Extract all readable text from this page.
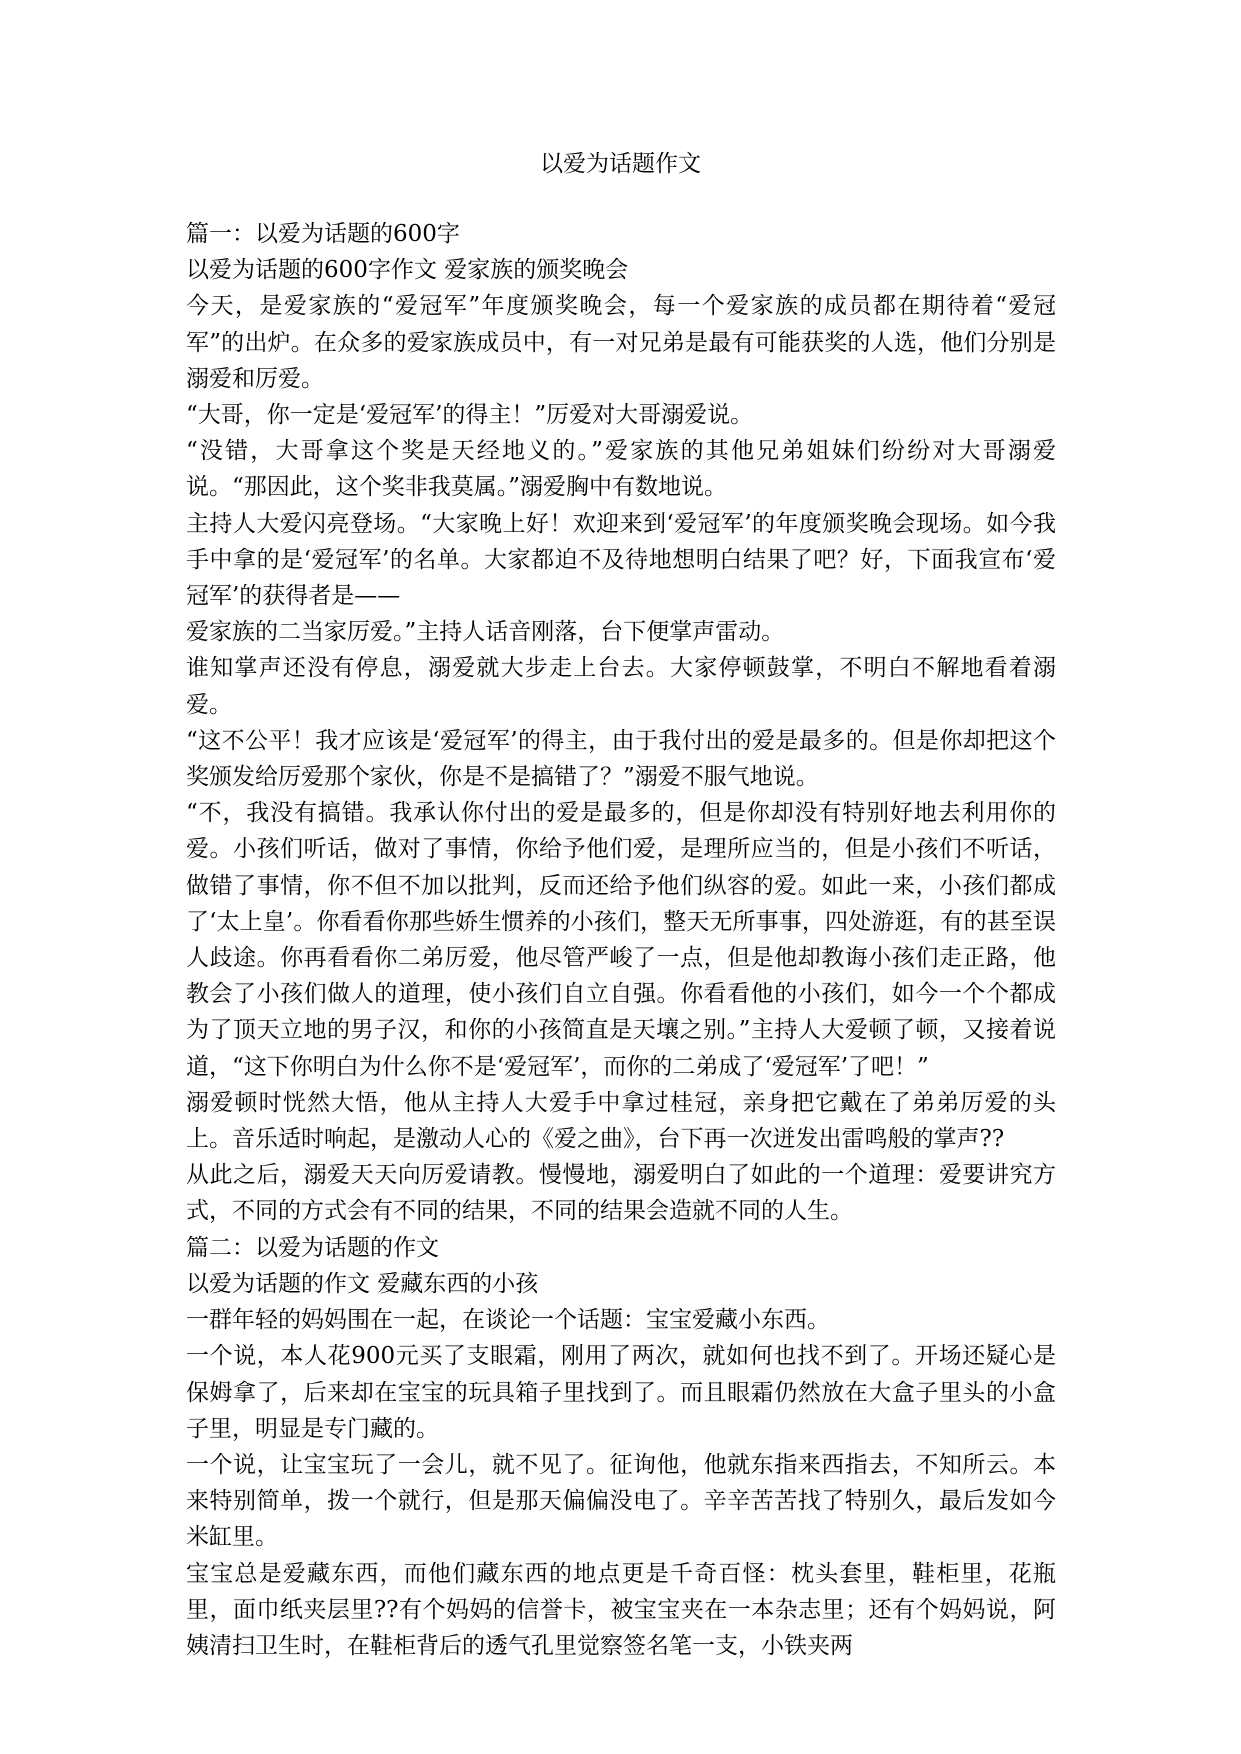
以爱为话题作文

篇一：以爱为话题的600字

以爱为话题的600字作文 爱家族的颁奖晚会

今天，是爱家族的“爱冠军”年度颁奖晚会，每一个爱家族的成员都在期待着“爱冠军”的出炉。在众多的爱家族成员中，有一对兄弟是最有可能获奖的人选，他们分别是溺爱和厉爱。

“大哥，你一定是‘爱冠军’的得主！”厉爱对大哥溺爱说。

“没错，大哥拿这个奖是天经地义的。”爱家族的其他兄弟姐妹们纷纷对大哥溺爱说。“那因此，这个奖非我莫属。”溺爱胸中有数地说。

主持人大爱闪亮登场。“大家晚上好！欢迎来到‘爱冠军’的年度颁奖晚会现场。如今我手中拿的是‘爱冠军’的名单。大家都迫不及待地想明白结果了吧？好，下面我宣布‘爱冠军’的获得者是——

爱家族的二当家厉爱。”主持人话音刚落，台下便掌声雷动。

谁知掌声还没有停息，溺爱就大步走上台去。大家停顿鼓掌，不明白不解地看着溺爱。

“这不公平！我才应该是‘爱冠军’的得主，由于我付出的爱是最多的。但是你却把这个奖颁发给厉爱那个家伙，你是不是搞错了？”溺爱不服气地说。

“不，我没有搞错。我承认你付出的爱是最多的，但是你却没有特别好地去利用你的爱。小孩们听话，做对了事情，你给予他们爱，是理所应当的，但是小孩们不听话，做错了事情，你不但不加以批判，反而还给予他们纵容的爱。如此一来，小孩们都成了‘太上皇’。你看看你那些娇生惯养的小孩们，整天无所事事，四处游逛，有的甚至误人歧途。你再看看你二弟厉爱，他尽管严峻了一点，但是他却教诲小孩们走正路，他教会了小孩们做人的道理，使小孩们自立自强。你看看他的小孩们，如今一个个都成为了顶天立地的男子汉，和你的小孩简直是天壤之别。”主持人大爱顿了顿，又接着说道，“这下你明白为什么你不是‘爱冠军’，而你的二弟成了‘爱冠军’了吧！”

溺爱顿时恍然大悟，他从主持人大爱手中拿过桂冠，亲身把它戴在了弟弟厉爱的头上。音乐适时响起，是激动人心的《爱之曲》，台下再一次迸发出雷鸣般的掌声??

从此之后，溺爱天天向厉爱请教。慢慢地，溺爱明白了如此的一个道理：爱要讲究方式，不同的方式会有不同的结果，不同的结果会造就不同的人生。

篇二：以爱为话题的作文

以爱为话题的作文 爱藏东西的小孩

一群年轻的妈妈围在一起，在谈论一个话题：宝宝爱藏小东西。

一个说，本人花900元买了支眼霜，刚用了两次，就如何也找不到了。开场还疑心是保姆拿了，后来却在宝宝的玩具箱子里找到了。而且眼霜仍然放在大盒子里头的小盒子里，明显是专门藏的。

一个说，让宝宝玩了一会儿，就不见了。征询他，他就东指来西指去，不知所云。本来特别简单，拨一个就行，但是那天偏偏没电了。辛辛苦苦找了特别久，最后发如今米缸里。

宝宝总是爱藏东西，而他们藏东西的地点更是千奇百怪：枕头套里，鞋柜里，花瓶里，面巾纸夹层里??有个妈妈的信誉卡，被宝宝夹在一本杂志里；还有个妈妈说，阿姨清扫卫生时，在鞋柜背后的透气孔里觉察签名笔一支，小铁夹两
